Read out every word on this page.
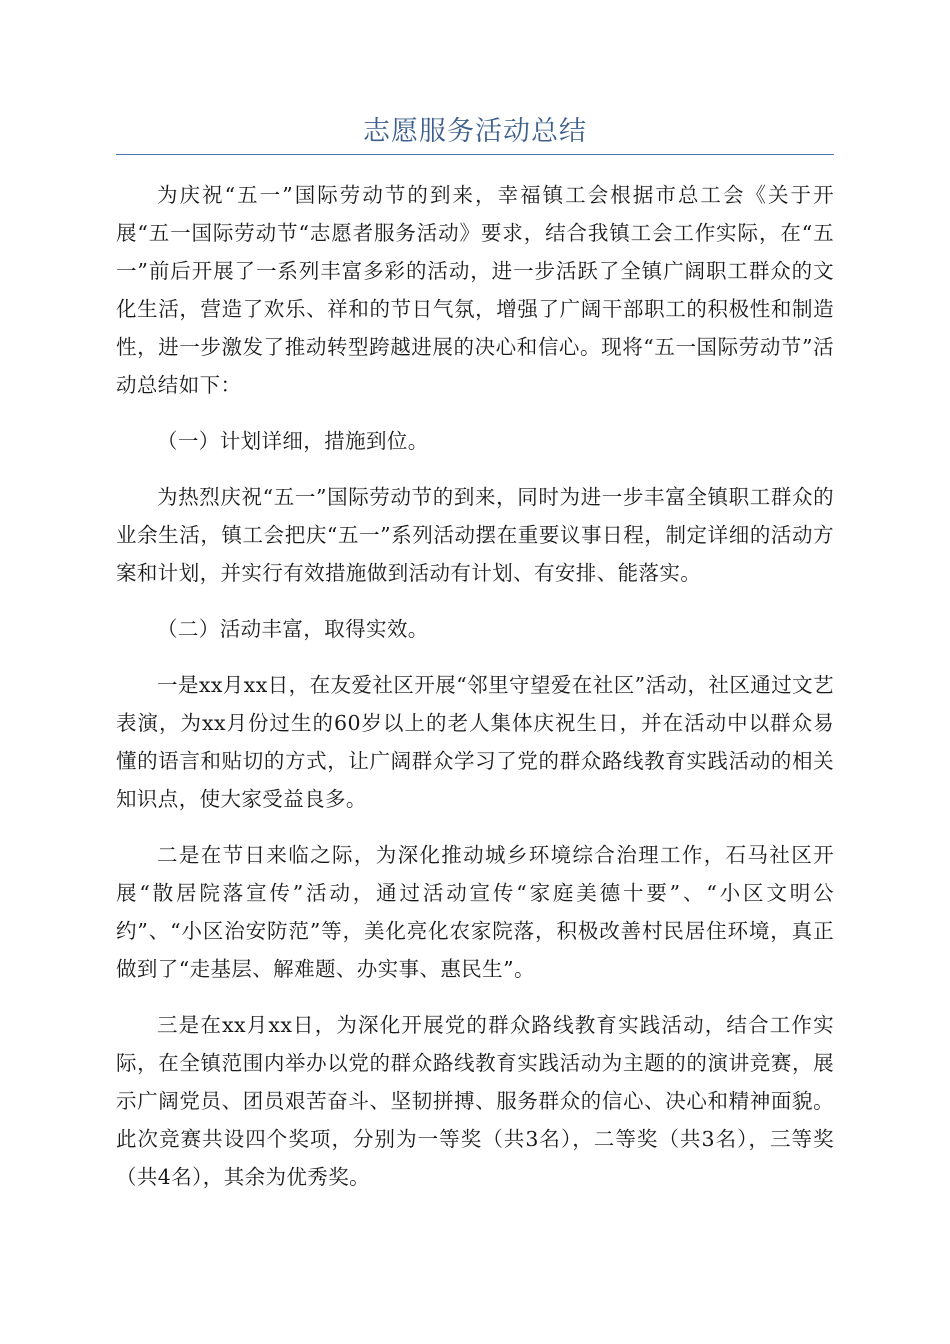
志愿服务活动总结

为庆祝“五一”国际劳动节的到来，幸福镇工会根据市总工会《关于开展“五一国际劳动节“志愿者服务活动》要求，结合我镇工会工作实际，在“五一”前后开展了一系列丰富多彩的活动，进一步活跃了全镇广阔职工群众的文化生活，营造了欢乐、祥和的节日气氛，增强了广阔干部职工的积极性和制造性，进一步激发了推动转型跨越进展的决心和信心。现将“五一国际劳动节”活动总结如下：

（一）计划详细，措施到位。

为热烈庆祝“五一”国际劳动节的到来，同时为进一步丰富全镇职工群众的业余生活，镇工会把庆“五一”系列活动摆在重要议事日程，制定详细的活动方案和计划，并实行有效措施做到活动有计划、有安排、能落实。

（二）活动丰富，取得实效。

一是xx月xx日，在友爱社区开展“邻里守望爱在社区”活动，社区通过文艺表演，为xx月份过生的60岁以上的老人集体庆祝生日，并在活动中以群众易懂的语言和贴切的方式，让广阔群众学习了党的群众路线教育实践活动的相关知识点，使大家受益良多。

二是在节日来临之际，为深化推动城乡环境综合治理工作，石马社区开展“散居院落宣传”活动，通过活动宣传“家庭美德十要”、“小区文明公约”、“小区治安防范”等，美化亮化农家院落，积极改善村民居住环境，真正做到了“走基层、解难题、办实事、惠民生”。

三是在xx月xx日，为深化开展党的群众路线教育实践活动，结合工作实际，在全镇范围内举办以党的群众路线教育实践活动为主题的的演讲竞赛，展示广阔党员、团员艰苦奋斗、坚韧拼搏、服务群众的信心、决心和精神面貌。此次竞赛共设四个奖项，分别为一等奖（共3名），二等奖（共3名），三等奖（共4名），其余为优秀奖。
